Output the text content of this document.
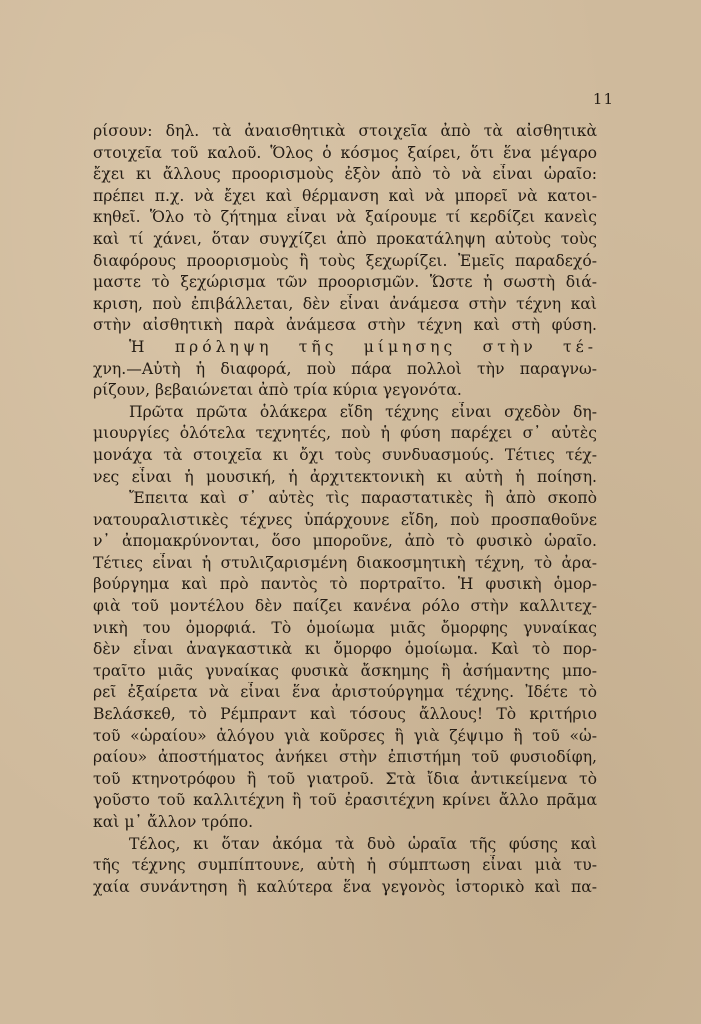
11

ρίσουν: δηλ. τὰ ἀναισθητικὰ στοιχεῖα ἀπὸ τὰ αἰσθητικὰ
στοιχεῖα τοῦ καλοῦ. Ὅλος ὁ κόσμος ξαίρει, ὅτι ἕνα μέγαρο
ἔχει κι ἄλλους προορισμοὺς ἐξὸν ἀπὸ τὸ νὰ εἶναι ὡραῖο:
πρέπει π.χ. νὰ ἔχει καὶ θέρμανση καὶ νὰ μπορεῖ νὰ κατοι-
κηθεῖ. Ὅλο τὸ ζήτημα εἶναι νὰ ξαίρουμε τί κερδίζει κανεὶς
καὶ τί χάνει, ὅταν συγχίζει ἀπὸ προκατάληψη αὐτοὺς τοὺς
διαφόρους προορισμοὺς ἢ τοὺς ξεχωρίζει. Ἐμεῖς παραδεχό-
μαστε τὸ ξεχώρισμα τῶν προορισμῶν. Ὥστε ἡ σωστὴ διά-
κριση, ποὺ ἐπιβάλλεται, δὲν εἶναι ἀνάμεσα στὴν τέχνη καὶ
στὴν αἰσθητικὴ παρὰ ἀνάμεσα στὴν τέχνη καὶ στὴ φύση.
Ἡ πρόληψη τῆς μίμησης στὴν τέ-
χνη.—Αὐτὴ ἡ διαφορά, ποὺ πάρα πολλοὶ τὴν παραγνω-
ρίζουν, βεβαιώνεται ἀπὸ τρία κύρια γεγονότα.
Πρῶτα πρῶτα ὁλάκερα εἴδη τέχνης εἶναι σχεδὸν δη-
μιουργίες ὁλότελα τεχνητές, ποὺ ἡ φύση παρέχει σ᾿ αὐτὲς
μονάχα τὰ στοιχεῖα κι ὄχι τοὺς συνδυασμούς. Τέτιες τέχ-
νες εἶναι ἡ μουσική, ἡ ἀρχιτεκτονικὴ κι αὐτὴ ἡ ποίηση.
Ἔπειτα καὶ σ᾿ αὐτὲς τὶς παραστατικὲς ἢ ἀπὸ σκοπὸ
νατουραλιστικὲς τέχνες ὑπάρχουνε εἴδη, ποὺ προσπαθοῦνε
ν᾿ ἀπομακρύνονται, ὅσο μποροῦνε, ἀπὸ τὸ φυσικὸ ὡραῖο.
Τέτιες εἶναι ἡ στυλιζαρισμένη διακοσμητικὴ τέχνη, τὸ ἀρα-
βούργημα καὶ πρὸ παντὸς τὸ πορτραῖτο. Ἡ φυσικὴ ὁμορ-
φιὰ τοῦ μοντέλου δὲν παίζει κανένα ρόλο στὴν καλλιτεχ-
νικὴ του ὀμορφιά. Τὸ ὁμοίωμα μιᾶς ὄμορφης γυναίκας
δὲν εἶναι ἀναγκαστικὰ κι ὄμορφο ὁμοίωμα. Καὶ τὸ πορ-
τραῖτο μιᾶς γυναίκας φυσικὰ ἄσκημης ἢ ἀσήμαντης μπο-
ρεῖ ἐξαίρετα νὰ εἶναι ἕνα ἀριστούργημα τέχνης. Ἰδέτε τὸ
Βελάσκεθ, τὸ Ρέμπραντ καὶ τόσους ἄλλους! Τὸ κριτήριο
τοῦ «ὡραίου» ἀλόγου γιὰ κοῦρσες ἢ γιὰ ζέψιμο ἢ τοῦ «ὡ-
ραίου» ἀποστήματος ἀνήκει στὴν ἐπιστήμη τοῦ φυσιοδίφη,
τοῦ κτηνοτρόφου ἢ τοῦ γιατροῦ. Στὰ ἴδια ἀντικείμενα τὸ
γοῦστο τοῦ καλλιτέχνη ἢ τοῦ ἐρασιτέχνη κρίνει ἄλλο πρᾶμα
καὶ μ᾿ ἄλλον τρόπο.
Τέλος, κι ὅταν ἀκόμα τὰ δυὸ ὡραῖα τῆς φύσης καὶ
τῆς τέχνης συμπίπτουνε, αὐτὴ ἡ σύμπτωση εἶναι μιὰ τυ-
χαία συνάντηση ἢ καλύτερα ἕνα γεγονὸς ἱστορικὸ καὶ πα-
